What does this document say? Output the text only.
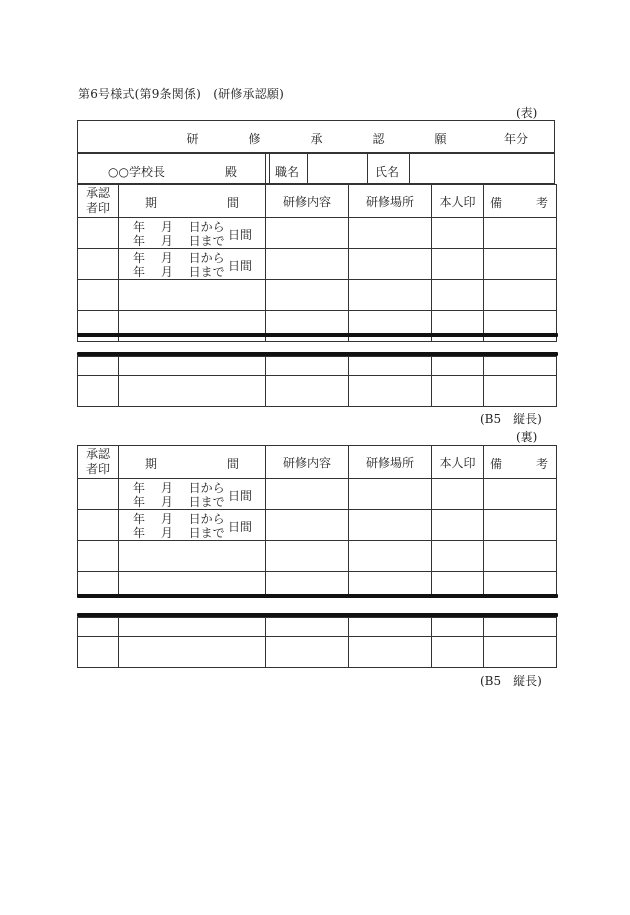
第6号様式(第9条関係)　(研修承認願)
(表)
研　修　承　認　願	年分
○○学校長	殿	職名	氏名
承認
者印	期 間	研修内容	研修場所	本人印	備 考

	年　 月　 日から
年　 月　 日まで 日間				

	年　 月　 日から
年　 月　 日まで 日間				

(B5　縦長)
(裏)
承認
者印	期 間	研修内容	研修場所	本人印	備 考

	年　 月　 日から
年　 月　 日まで 日間				

	年　 月　 日から
年　 月　 日まで 日間				

(B5　縦長)
